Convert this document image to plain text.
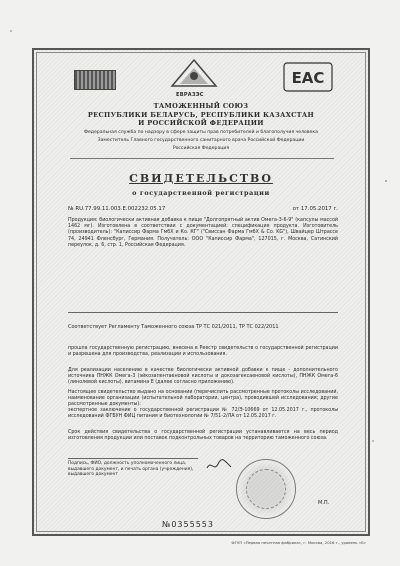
ЕВРАЗЭС
EAC
ТАМОЖЕННЫЙ СОЮЗ
РЕСПУБЛИКИ БЕЛАРУСЬ, РЕСПУБЛИКИ КАЗАХСТАН
И РОССИЙСКОЙ ФЕДЕРАЦИИ
Федеральная служба по надзору в сфере защиты прав потребителей и благополучия человека
Заместитель Главного государственного санитарного врача Российской Федерации
Российская Федерация
СВИДЕТЕЛЬСТВО
о государственной регистрации
№ RU.77.99.11.003.Е.002232.05.17	от 17.05.2017 г.
Продукция: биологически активная добавка к пище "Долгопрятный актив Омега-3-6-9" (капсулы массой 1462 мг). Изготовлена в соответствии с документацией: спецификация продукта. Изготовитель (производитель): "Каписсир Фарма ГмбХ и Ко. КГ" ("Свиссан Фарма ГмбХ & Co. KG"), Швайцер Штрассе 74, 24941 Фленсбург, Германия. Получатель: ООО "Каписсир Фарма", 127015, г. Москва, Сатинский переулок, д. 6, стр. 1, Российская Федерация.
Соответствует Регламенту Таможенного союза ТР ТС 021/2011, ТР ТС 022/2011
прошла государственную регистрацию, внесена в Реестр свидетельств о государственной регистрации и разрешена для производства, реализации и использования.
Для реализации населению в качестве биологически активной добавки к пище - дополнительного источника ПНЖК Омега-3 (эйкозапентаеновой кислоты и докозагексаеновой кислоты), ПНЖК Омега-6 (линолевой кислоты), витамина Е (далее согласно приложению).
Настоящее свидетельство выдано на основании (перечислить рассмотренные протоколы исследований, наименование организации (испытательной лаборатории, центра), проводившей исследования; другие рассмотренные документы):
экспертное заключение о государственной регистрации № 72/Э-10669 от 12.05.2017 г., протоколы исследований ФГБУН ФИЦ питания и биотехнологии № 7/51-2/ЛА от 12.05.2017 г.
Срок действия свидетельства о государственной регистрации устанавливается на весь период изготовления продукции или поставок подконтрольных товаров на территорию таможенного союза.
Подпись, ФИО, должность уполномоченного лица,
выдавшего документ, и печать органа (учреждения),
выдавшего документ
М.П.
№0355553
ФГУП «Первая печатная фабрика», г. Москва, 2016 г., уровень «Б»
